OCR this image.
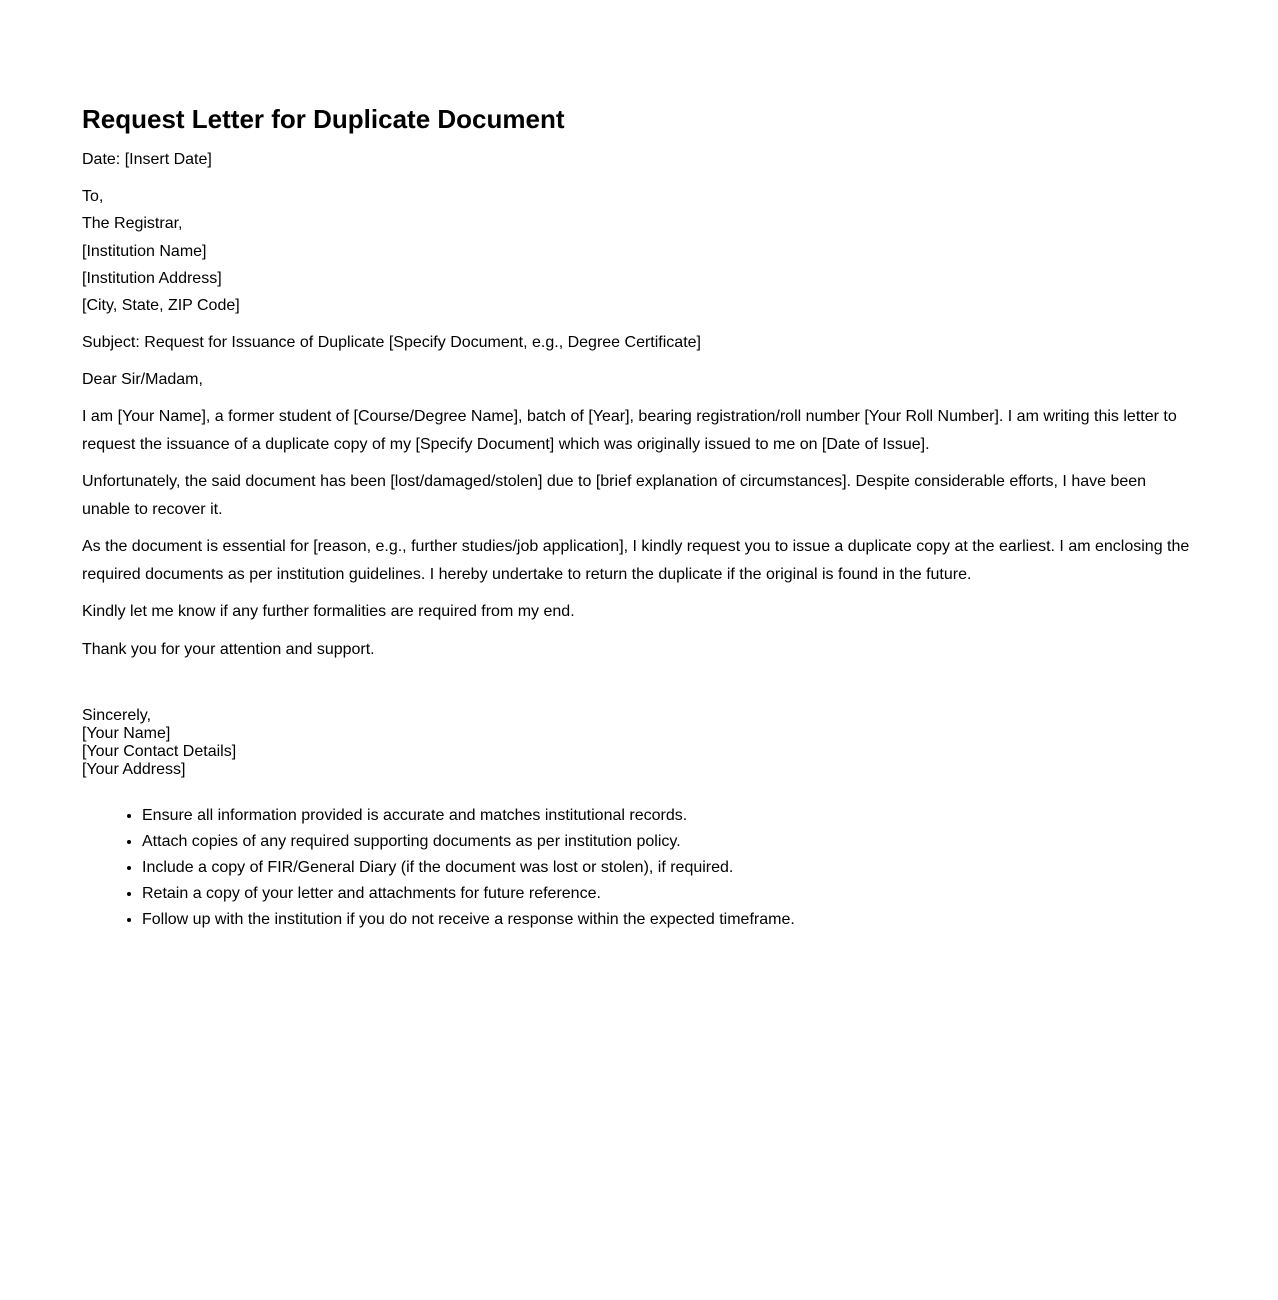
Request Letter for Duplicate Document

Date: [Insert Date]

To,

The Registrar,

[Institution Name]

[Institution Address]

[City, State, ZIP Code]

Subject: Request for Issuance of Duplicate [Specify Document, e.g., Degree Certificate]

Dear Sir/Madam,

I am [Your Name], a former student of [Course/Degree Name], batch of [Year], bearing registration/roll number [Your Roll Number]. I am writing this letter to request the issuance of a duplicate copy of my [Specify Document] which was originally issued to me on [Date of Issue].

Unfortunately, the said document has been [lost/damaged/stolen] due to [brief explanation of circumstances]. Despite considerable efforts, I have been unable to recover it.

As the document is essential for [reason, e.g., further studies/job application], I kindly request you to issue a duplicate copy at the earliest. I am enclosing the required documents as per institution guidelines. I hereby undertake to return the duplicate if the original is found in the future.

Kindly let me know if any further formalities are required from my end.

Thank you for your attention and support.

Sincerely,

[Your Name]

[Your Contact Details]

[Your Address]

• Ensure all information provided is accurate and matches institutional records.
• Attach copies of any required supporting documents as per institution policy.
• Include a copy of FIR/General Diary (if the document was lost or stolen), if required.
• Retain a copy of your letter and attachments for future reference.
• Follow up with the institution if you do not receive a response within the expected timeframe.
